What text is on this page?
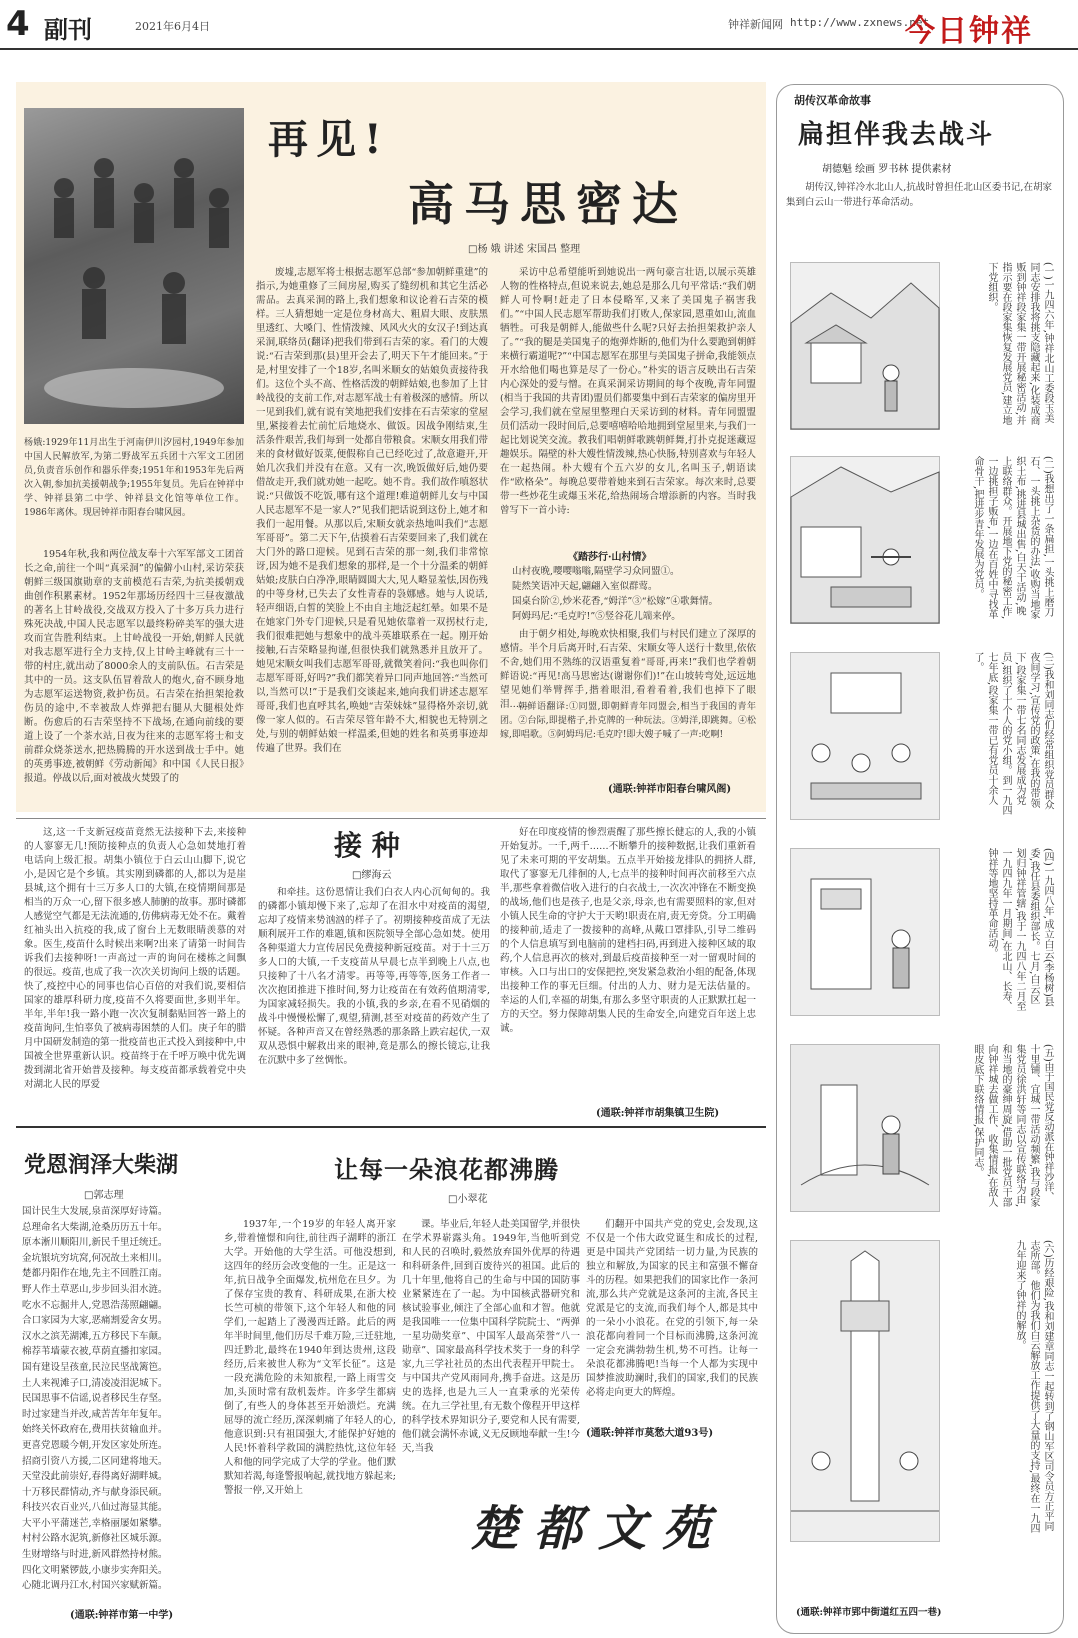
4 副刊	2021年6月4日	钟祥新闻网 http://www.zxnews.net
今日钟祥
再见!
高马思密达
□杨 娥 讲述 宋国昌 整理
杨娥:1929年11月出生于河南伊川汐园村,1949年参加中国人民解放军,为第二野战军五兵团十六军文工团团员,负责音乐创作和器乐伴奏;1951年和1953年先后两次入朝,参加抗美援朝战争;1955年复员。先后在钟祥中学、钟祥县第二中学、钟祥县文化馆等单位工作。1986年离休。现居钟祥市阳春台啸风园。

1954年秋,我和两位战友奉十六军军部文工团首长之命,前往一个叫“真采洞”的偏僻小山村,采访荣获朝鲜三级国旗勋章的支前模范石吉荣,为抗美援朝戏曲创作积累素材。1952年那场历经四十三昼夜激战的著名上甘岭战役,交战双方投入了十多万兵力进行殊死决战,中国人民志愿军以最终粉碎美军的强大进攻而宣告胜利结束。上甘岭战役一开始,朝鲜人民就对我志愿军进行全力支持,仅上甘岭主峰就有三十一带的村庄,就出动了8000余人的支前队伍。石吉荣是其中的一员。这支队伍冒着敌人的炮火,奋不顾身地为志愿军运送物资,救护伤员。石吉荣在抬担架抢救伤员的途中,不幸被敌人炸弹把右腿从大腿根处炸断。伤愈后的石吉荣坚持不下战场,在通向前线的要道上设了一个茶水站,日夜为往来的志愿军将士和支前群众烧茶送水,把热腾腾的开水送到战士手中。她的英勇事迹,被朝鲜《劳动新闻》和中国《人民日报》报道。停战以后,面对被战火焚毁了的

废墟,志愿军将士根据志愿军总部“参加朝鲜重建”的指示,为她重修了三间房屋,购买了缝纫机和其它生活必需品。去真采洞的路上,我们想象和议论着石吉荣的模样。三人猜想她一定是位身材高大、粗眉大眼、皮肤黑里透红、大嗓门、性情泼辣、风风火火的女汉子!到达真采洞,联络员(翻译)把我们带到石吉荣的家。看门的大嫂说:“石吉荣到那(县)里开会去了,明天下午才能回来。”于是,村里安排了一个18岁,名叫米顺女的姑娘负责接待我们。这位个头不高、性格活泼的朝鲜姑娘,也参加了上甘岭战役的支前工作,对志愿军战士有着极深的感情。所以一见到我们,就有说有笑地把我们安排在石吉荣家的堂屋里,紧接着去忙前忙后地烧水、做饭。因战争刚结束,生活条件艰苦,我们每到一处都自带粮食。宋顺女用我们带来的食材做好饭菜,便假称自己已经吃过了,故意避开,开始几次我们并没有在意。又有一次,晚饭做好后,她仍要借故走开,我们就劝她一起吃。她不肯。我们故作嗔怒状说:“只做饭不吃饭,哪有这个道理!难道朝鲜儿女与中国人民志愿军不是一家人?”见我们把话说到这份上,她才和我们一起用餐。从那以后,宋顺女就亲热地叫我们“志愿军哥哥”。第二天下午,估摸着石吉荣要回来了,我们就在大门外的路口迎候。见到石吉荣的那一刻,我们非常惊讶,因为她不是我们想象的那样,是一个十分温柔的朝鲜姑娘;皮肤白白净净,眼睛圆圆大大,见人略显羞怯,因伤残的中等身材,已失去了女性青春的袅娜感。她与人说话,轻声细语,白皙的笑脸上不由自主地泛起红晕。如果不是在她家门外专门迎候,只是看见她依靠着一双拐杖行走,我们很难把她与想象中的战斗英雄联系在一起。刚开始接触,石吉荣略显拘谨,但很快我们就熟悉并且放开了。她见宋顺女叫我们志愿军哥哥,就微笑着问:“我也叫你们志愿军哥哥,好吗?”我们都笑着异口同声地回答:“当然可以,当然可以!”于是我们交谈起来,她向我们讲述志愿军哥哥,我们也直呼其名,唤她“吉荣妹妹”显得格外亲切,就像一家人似的。石吉荣尽管年龄不大,相貌也无特别之处,与别的朝鲜姑娘一样温柔,但她的姓名和英勇事迹却传遍了世界。我们在

采访中总希望能听到她说出一两句豪言壮语,以展示英雄人物的性格特点,但说来说去,她总是那么几句平常话:“我们朝鲜人可怜啊!赶走了日本侵略军,又来了美国鬼子祸害我们。”“中国人民志愿军帮助我们打败人,保家园,恩重如山,流血牺牲。可我是朝鲜人,能做些什么呢?只好去抬担架救护亲人了。”“我的腿是美国鬼子的炮弹炸断的,他们为什么要跑到朝鲜来横行霸道呢?”“中国志愿军在那里与美国鬼子拼命,我能领点开水给他们喝也算是尽了一份心。”朴实的语言反映出石吉荣内心深处的爱与憎。在真采洞采访期间的每个夜晚,青年同盟(相当于我国的共青团)盟员们都要集中到石吉荣家的偏房里开会学习,我们就在堂屋里整理白天采访到的材料。青年同盟盟员们活动一段时间后,总要嘻嘻哈哈地拥到堂屋里来,与我们一起比划说笑交流。教我们唱朝鲜歌跳朝鲜舞,打扑克捉迷藏逗趣娱乐。隔壁的朴大嫂性情泼辣,热心快肠,特别喜欢与年轻人在一起热闹。朴大嫂有个五六岁的女儿,名叫玉子,朝语读作“欧格朵”。每晚总要带着她来到石吉荣家。每次来时,总要带一些炒花生或爆玉米花,给热闹场合增添新的内容。当时我曾写下一首小诗:

《踏莎行·山村情》
山村夜晚,嘤嘤嗡嗡,隔壁学习众同盟①。
陡然笑语冲天起,翩翩入室似群莺。
国桌台阶②,炒米花香,“姆洋”③“松嫁”④歌舞情。
阿姆玛尼:“毛克咛!”⑤竖谷花儿端来停。

由于朝夕相处,每晚欢快相聚,我们与村民们建立了深厚的感情。半个月后离开时,石吉荣、宋顺女等人送行十数里,依依不舍,她们用不熟练的汉语重复着“哥哥,再来!”我们也学着朝鲜语说:“再见!高马思密达(谢谢你们)!”在山坡转弯处,远远地望见她们举臂挥手,揩着眼泪,看着看着,我们也掉下了眼泪……

朝鲜语翻译:①同盟,即朝鲜青年同盟会,相当于我国的青年团。②台际,即提楷子,扑克牌的一种玩法。③姆洋,即跳舞。④松嫁,即唱歌。⑤阿姆玛尼:毛克咛!即大嫂子喊了一声:吃啊!

(通联:钟祥市阳春台啸风阁)
接 种
□缪海云

这,这一千支新冠疫苗竟然无法接种下去,来接种的人寥寥无几!预防接种点的负责人心急如焚地打着电话向上级汇报。胡集小镇位于白云山山脚下,说它小,是因它是个乡镇。其实刚到磷都的人,都以为是崖县城,这个拥有十三万多人口的大镇,在疫情期间那是相当的万众一心,留下很多感人肺腑的故事。那时磷都人感觉空气都是无法流通的,仿佛病毒无处不在。戴着红袖头出入抗疫的我,成了窗台上无数眼睛羡慕的对象。医生,疫苗什么时候出来啊?出来了请第一时间告诉我们去接种呀!一声高过一声的询问在楼栋之间飘的很远。疫苗,也成了我一次次关切询问上级的话题。快了,疫控中心的同事也信心百倍的对我们说,要相信国家的雄厚科研力度,疫苗不久将要面世,多则半年。半年,半年!我一路小跑一次次复制黏贴回答一路上的疫苗询问,生怕辜负了被病毒困禁的人们。庚子年的腊月中国研发制造的第一批疫苗也正式投入到接种中,中国被全世界重新认识。疫苗终于在千呼万唤中优先调拨到湖北省开始普及接种。每支疫苗都承载着党中央对湖北人民的厚爱

和牵挂。这份恩情让我们白衣人内心沉甸甸的。我的磷都小镇却慢下来了,忘却了在泪水中对疫苗的渴望,忘却了疫情来势汹汹的样子了。初期接种疫苗成了无法顺利展开工作的难题,镇和医院领导全部心急如焚。使用各种渠道大力宣传居民免费接种新冠疫苗。对于十三万多人口的大镇,一千支疫苗从早晨七点半到晚上八点,也只接种了十八名才清零。再等等,再等等,医务工作者一次次抱团推进下推时间,努力让疫苗在有效药值期清零,为国家减轻损失。我的小镇,我的乡亲,在看不见硝烟的战斗中慢慢松懈了,观望,猜测,甚至对疫苗的药效产生了怀疑。各种声音又在曾经熟悉的那条路上跌宕起伏,一双双从恐惧中解救出来的眼神,竟是那么的擦长镜忘,让我在沉默中多了丝惆怅。

好在印度疫情的惨烈震醒了那些擦长健忘的人,我的小镇开始复苏。一千,两千……不断攀升的接种数据,让我们重新看见了未来可期的平安胡集。五点半开始接龙排队的拥挤人群,取代了寥寥无几徘徊的人,七点半的接种时间再次前移至六点半,那些拿着微信收入进行的白衣战士,一次次冲锋在不断变换的战场,他们也是孩子,也是父亲,母亲,也有需要照料的家,但对小镇人民生命的守护大于天哟!职责在肩,责无旁贷。分工明确的接种前,适走了一拨接种的高峰,从戴口罩排队,引导二维码的个人信息填写到电脑前的建档扫码,再到进入接种区域的取药,个人信息再次的核对,到最后疫苗接种至一对一留观时间的审核。入口与出口的安保把控,突发紧急救治小组的配备,体现出接种工作的事无巨细。付出的人力、财力是无法估量的。幸运的人们,幸福的胡集,有那么多坚守职责的人正默默扛起一方的天空。努力保障胡集人民的生命安全,向建党百年送上忠诚。

(通联:钟祥市胡集镇卫生院)
党恩润泽大柴湖
□郭志理
国计民生大发展,泉苗深厚好诗篇。
总理命名大柴湖,沧桑历历五十年。
原本淅川顺阳川,新民千里迁统迁。
金坑银坑穷坑窝,何况故土来相川。
楚都丹阳作在地,先主不回胜江南。
野人作土草恶山,步步回头泪水涟。
吃水不忘掘井人,党恩浩荡照翩翩。
合口家园为大家,恶痛割爱舍女男。
汉水之滨芜湖滩,五方移民下车颠。
棉荐苇墙蒙衣被,草荫直播扣家园。
国有建设呈孩童,民泣民坚战篱笆。
土人来视滩子口,清凌凌泪泥城下。
民国思事不信谣,说者移民生存坚。
时过家建当并改,咸苦苦年年复年。
始终关怀政府在,费用扶贫输血并。
更喜党恩暖今朝,开发区家处所连。
招商引资八方援,二区同建将地天。
天堂没此前崇好,春得离好湖畔城。
十万移民群情动,齐与献身添民硕。
科技兴农百业兴,八仙过海显其能。
大平小平蒲迷芒,幸格丽屡如紧攀。
村村公路水泥筑,新修社区城乐源。
生财增络与时进,新风群然持材熊。
四化文明紧锣鼓,小康步实奔阳关。
心随北调丹江水,村国兴家赋新篇。
(通联:钟祥市第一中学)
让每一朵浪花都沸腾
□小翠花

1937年,一个19岁的年轻人离开家乡,带着憧憬和向往,前往西子湖畔的浙江大学。开始他的大学生活。可他没想到,这四年的经历会改变他的一生。正是这一年,抗日战争全面爆发,杭州危在旦夕。为了保存宝贵的教育、科研成果,在浙大校长竺可桢的带领下,这个年轻人和他的同学们,一起踏上了漫漫西迁路。此后的两年半时间里,他们历尽千难万险,三迁驻地,四迁黔北,最终在1940年到达贵州,这段经历,后来被世人称为“文军长征”。这是一段充满危险的未知旅程,一路上雨雪交加,头顶时常有敌机轰炸。许多学生都病倒了,有些人的身体甚至开始溃烂。充满屈辱的流亡经历,深深刺痛了年轻人的心,他意识到:只有祖国强大,才能保护好她的人民!怀着科学救国的满腔热忱,这位年轻人和他的同学完成了大学的学业。他们默默知若渴,每逢警报响起,就找地方躲起来;警报一停,又开始上

课。毕业后,年轻人赴美国留学,并很快在学术界崭露头角。1949年,当他听到党和人民的召唤时,毅然放弃国外优厚的待遇和科研条件,回到百废待兴的祖国。此后的几十年里,他将自己的生命与中国的国防事业紧紧连在了一起。为中国核武器研究和核试验事业,倾注了全部心血和才智。他就是我国唯一一位集中国科学院院士、“两弹一星功勋奖章”、中国军人最高荣誉“八一勋章”、国家最高科学技术奖于一身的科学家,九三学社社员的杰出代表程开甲院士。与中国共产党风雨同舟,携手奋进。这是历史的选择,也是九三人一直秉承的光荣传统。在九三学社里,有无数个像程开甲这样的科学技术界知识分子,要党和人民有需要,他们就会满怀赤诚,义无反顾地奉献一生!今天,当我

们翻开中国共产党的党史,会发现,这不仅是一个伟大政党诞生和成长的过程,更是中国共产党团结一切力量,为民族的独立和解放,为国家的民主和富强不懈奋斗的历程。如果把我们的国家比作一条河流,那么共产党就是这条河的主流,各民主党派是它的支流,而我们每个人,都是其中的一朵小小浪花。在党的引领下,每一朵浪花都向着同一个目标而沸腾,这条河流一定会充满勃勃生机,势不可挡。让每一朵浪花都沸腾吧!当每一个人都为实现中国梦推波助澜时,我们的国家,我们的民族必将走向更大的辉煌。

(通联:钟祥市莫愁大道93号)
楚都文苑
胡传汉革命故事
扁担伴我去战斗
胡德魁 绘画 罗书林 提供素材
胡传汉,钟祥冷水北山人,抗战时曾担任北山区委书记,在胡家集到白云山一带进行革命活动。
(一)一九四六年,钟祥北山工委段玉美同志安排我将挑支隐藏起来,化装成商贩到钟祥段家集一带开展秘密活动,并指示要在段家集恢复发展党员,建立地下党组织。
(二)我想出了一条扁担,一头挑上磨刀石、一头挑上杂货的办法,收购当地家织土布,挑进县城出售,白天干活动,晚上联络群众。开展地下党的秘密工作,一边挑担子贩布,一边在百姓中寻找革命骨干,把进步青年发展为党员。
(三)我和刘同志们经常组织党员群众夜间学习,宣传党的政策,在我的带领下,段家集一带七名同志发展成为党员,组织了十个人的党小组。到一九四七年底,段家集一带已有党员十余人了。
(四)一九四八年,成立白云(李杨树)县委,我任县委组织部长。七月,白云区划归钟祥管辖,我于一九四八年二月至一九四九年一月期间,在北山、长寿、钟祥等地坚持革命活动。
(五)由于国民党反动派在钟祥沙洋、十里铺、宜城一带活动频繁,我与段家集党员徐洪轩等同志以宣传联络为由,和当地的豪绅周旋,借助一批党员干部向钟祥城去做工作、收集情报,在敌人眼皮底下联络情报,保护同志。
(六)历经艰险,我和刘建章同志一起转到了钢山军区司令员方正平同志所部。他们为我们白云解放工作提供了大量的支持,最终在一九四九年迎来了钟祥的解放。
(通联:钟祥市郢中街道红五四一巷)
